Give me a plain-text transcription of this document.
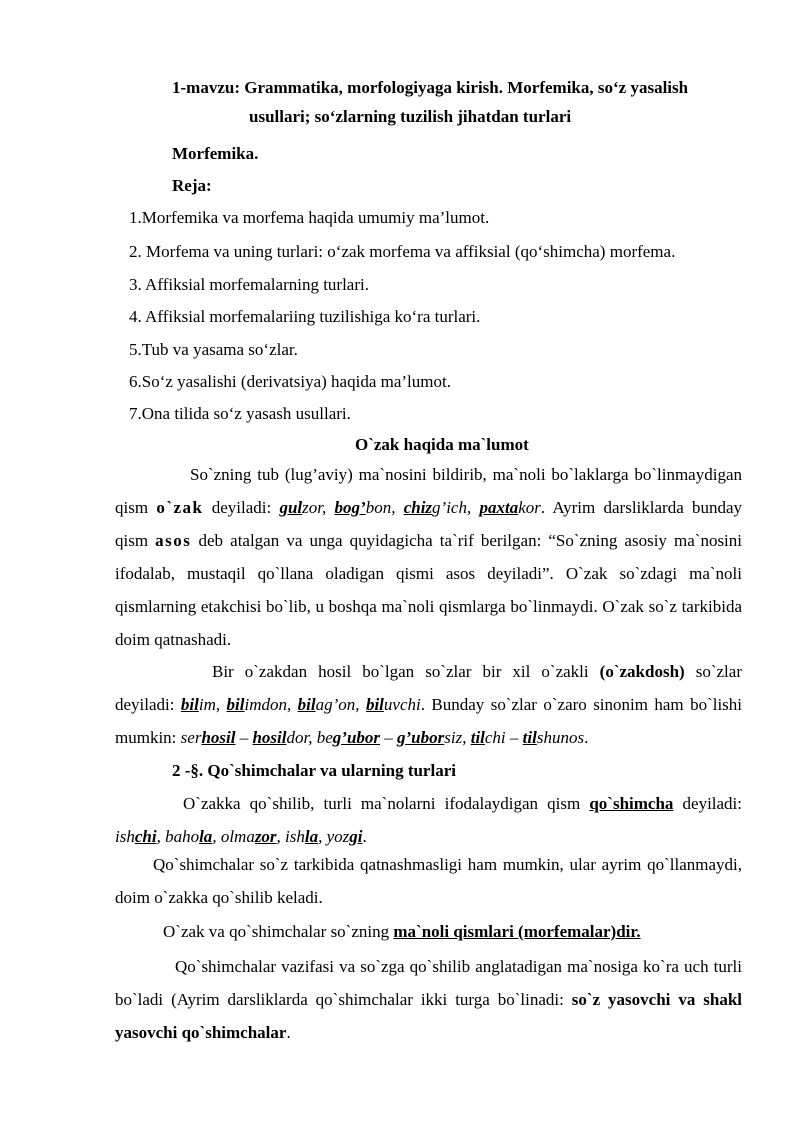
1-mavzu: Grammatika, morfologiyaga kirish. Morfemika, so‘z yasalish
usullari; so‘zlarning tuzilish jihatdan turlari
Morfemika.
Reja:
1.Morfemika va morfema haqida umumiy ma’lumot.
2. Morfema va uning turlari: o‘zak morfema va affiksial (qo‘shimcha) morfema.
3. Affiksial morfemalarning turlari.
4. Affiksial morfemalariing tuzilishiga ko‘ra turlari.
5.Tub va yasama so‘zlar.
6.So‘z yasalishi (derivatsiya) haqida ma’lumot.
7.Ona tilida so‘z yasash usullari.
O`zak haqida ma`lumot

So`zning tub (lug’aviy) ma`nosini bildirib, ma`noli bo`laklarga bo`linmaydigan qism o`zak deyiladi: gulzor, bog’bon, chizg’ich, paxtakor. Ayrim darsliklarda bunday qism asos deb atalgan va unga quyidagicha ta`rif berilgan: “So`zning asosiy ma`nosini ifodalab, mustaqil qo`llana oladigan qismi asos deyiladi”. O`zak so`zdagi ma`noli qismlarning etakchisi bo`lib, u boshqa ma`noli qismlarga bo`linmaydi. O`zak so`z tarkibida doim qatnashadi.

Bir o`zakdan hosil bo`lgan so`zlar bir xil o`zakli (o`zakdosh) so`zlar deyiladi: bilim, bilimdon, bilag’on, biluvchi. Bunday so`zlar o`zaro sinonim ham bo`lishi mumkin: serhosil – hosildor, beg’ubor – g’uborsiz, tilchi – tilshunos.

2 -§. Qo`shimchalar va ularning turlari

O`zakka qo`shilib, turli ma`nolarni ifodalaydigan qism qo`shimcha deyiladi: ishchi, bahola, olmazor, ishla, yozgi.

Qo`shimchalar so`z tarkibida qatnashmasligi ham mumkin, ular ayrim qo`llanmaydi, doim o`zakka qo`shilib keladi.

O`zak va qo`shimchalar so`zning ma`noli qismlari (morfemalar)dir.

Qo`shimchalar vazifasi va so`zga qo`shilib anglatadigan ma`nosiga ko`ra uch turli bo`ladi (Ayrim darsliklarda qo`shimchalar ikki turga bo`linadi: so`z yasovchi va shakl yasovchi qo`shimchalar.
